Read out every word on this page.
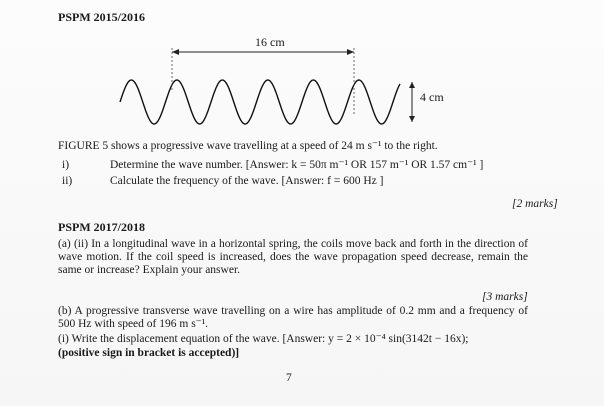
PSPM 2015/2016
16 cm
4 cm
FIGURE 5 shows a progressive wave travelling at a speed of 24 m s⁻¹ to the right.
i)	Determine the wave number. [Answer: k = 50π m⁻¹ OR 157 m⁻¹ OR 1.57 cm⁻¹ ]
ii)	Calculate the frequency of the wave. [Answer: f = 600 Hz ]
[2 marks]
PSPM 2017/2018
(a) (ii) In a longitudinal wave in a horizontal spring, the coils move back and forth in the direction of wave motion. If the coil speed is increased, does the wave propagation speed decrease, remain the same or increase? Explain your answer.
[3 marks]
(b) A progressive transverse wave travelling on a wire has amplitude of 0.2 mm and a frequency of 500 Hz with speed of 196 m s⁻¹.
(i) Write the displacement equation of the wave. [Answer: y = 2 × 10⁻⁴ sin(3142t − 16x);
(positive sign in bracket is accepted)]
7
